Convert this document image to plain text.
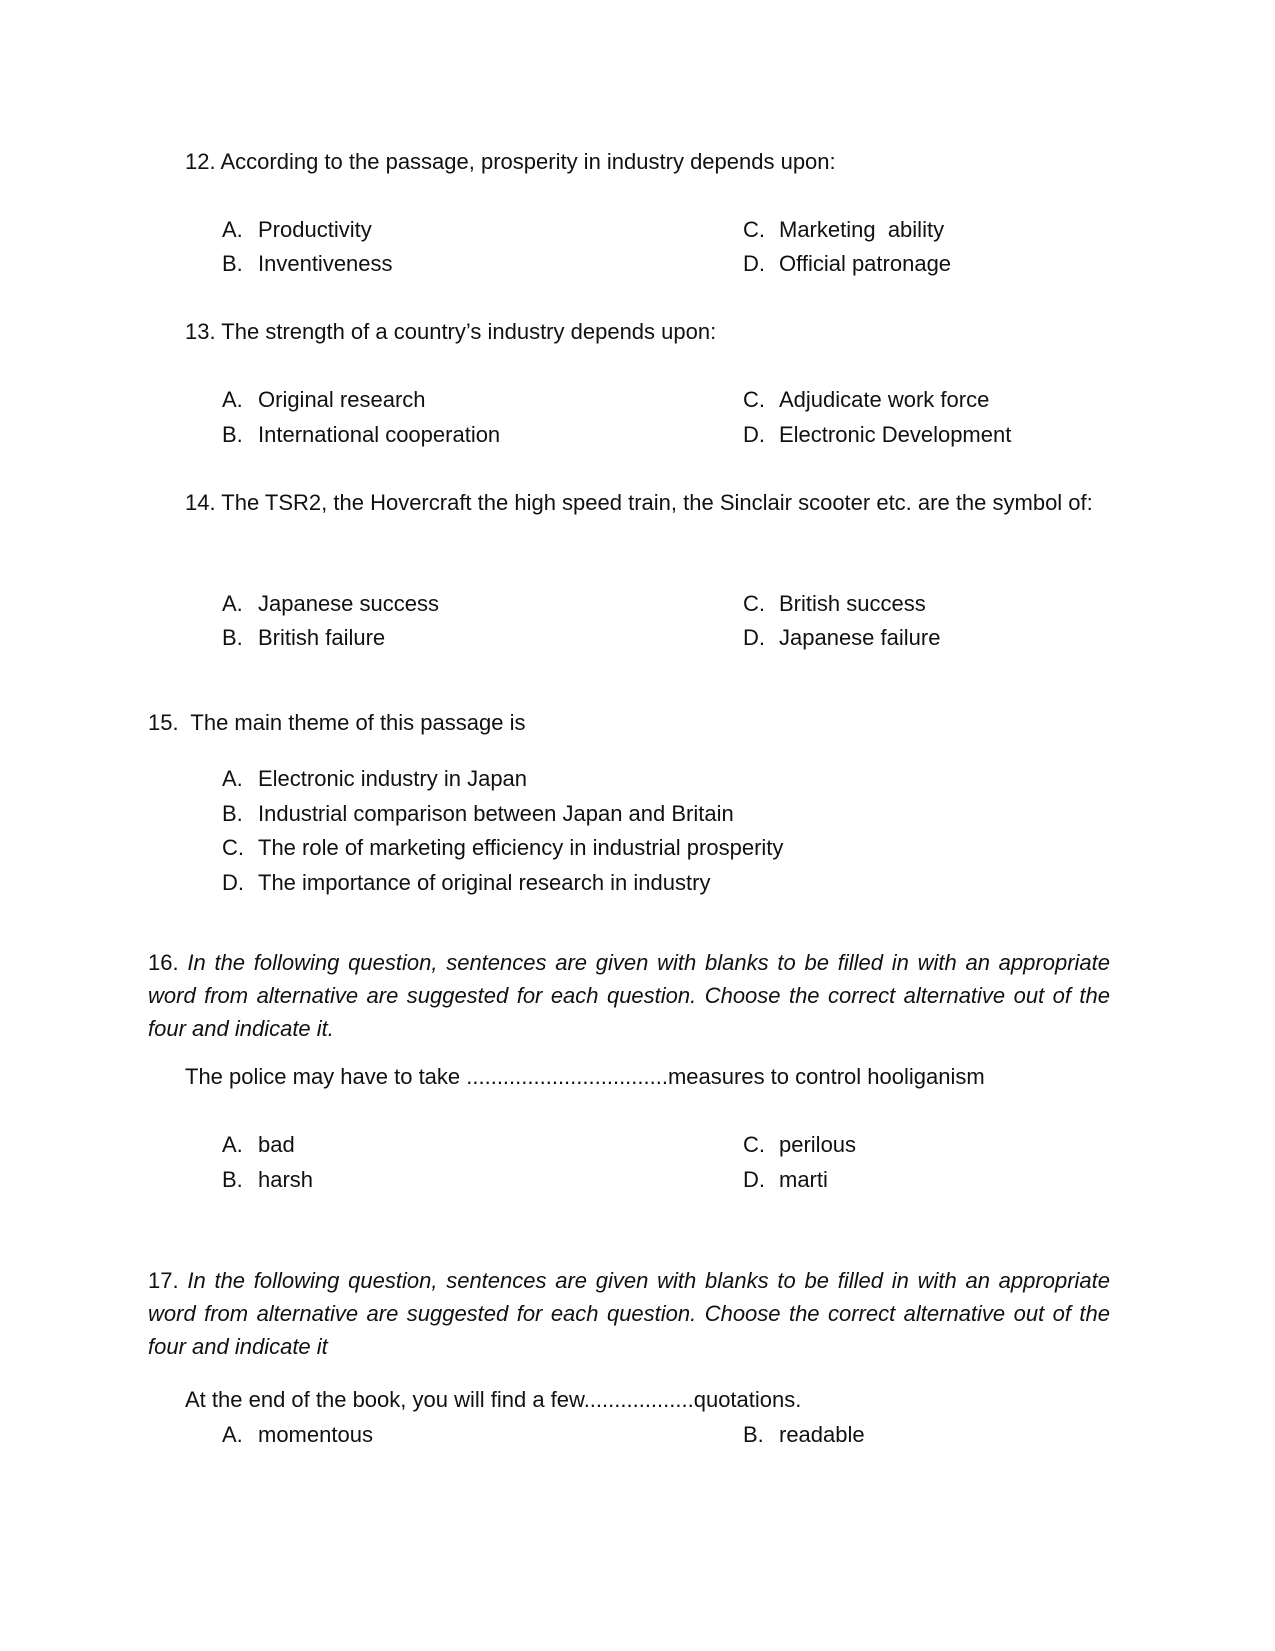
12. According to the passage, prosperity in industry depends upon:
A. Productivity
B. Inventiveness
C. Marketing  ability
D. Official patronage
13. The strength of a country’s industry depends upon:
A. Original research
B. International cooperation
C. Adjudicate work force
D. Electronic Development
14. The TSR2, the Hovercraft the high speed train, the Sinclair scooter etc. are the symbol of:
A. Japanese success
B. British failure
C. British success
D. Japanese failure
15.  The main theme of this passage is
A. Electronic industry in Japan
B. Industrial comparison between Japan and Britain
C. The role of marketing efficiency in industrial prosperity
D. The importance of original research in industry
16. In the following question, sentences are given with blanks to be filled in with an appropriate word from alternative are suggested for each question. Choose the correct alternative out of the four and indicate it.
The police may have to take .................................measures to control hooliganism
A. bad
B. harsh
C. perilous
D. marti
17. In the following question, sentences are given with blanks to be filled in with an appropriate word from alternative are suggested for each question. Choose the correct alternative out of the four and indicate it
At the end of the book, you will find a few..................quotations.
A. momentous	B. readable
